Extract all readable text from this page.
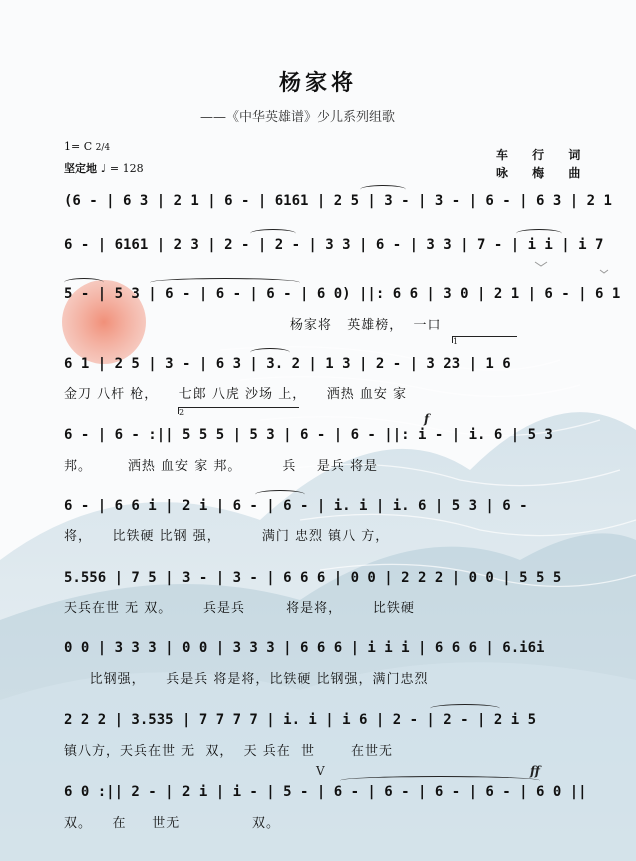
杨家将
——《中华英雄谱》少儿系列组歌
1= C 2/4
坚定地 ♩ = 128
车 行 词
咏 梅 曲
(6 - | 6 3 | 2 1 | 6 - | 6161 | 2 5 | 3 - | 3 - | 6 - | 6 3 | 2 1
6 - | 6161 | 2 3 | 2 - | 2 - | 3 3 | 6 - | 3 3 | 7 - | i i | i 7
5 - | 5 3 | 6 - | 6 - | 6 - | 6 0) ||: 6 6 | 3 0 | 2 1 | 6 - | 6 1
杨家将   英雄榜，  一口
6 1 | 2 5 | 3 - | 6 3 | 3. 2 | 1 3 | 2 - | 3 23 | 1 6
金刀 八杆 枪，    七郎 八虎 沙场 上，    洒热 血安 家
6 - | 6 - :|| 5 5 5 | 5 3 | 6 - | 6 - ||: i - | i. 6 | 5 3
邦。       洒热 血安 家 邦。        兵    是兵 将是
6 - | 6 6 i | 2 i | 6 - | 6 - | i. i | i. 6 | 5 3 | 6 -
将，    比铁硬 比钢 强，        满门 忠烈 镇八 方，
5.556 | 7 5 | 3 - | 3 - | 6 6 6 | 0 0 | 2 2 2 | 0 0 | 5 5 5
天兵在世 无 双。      兵是兵        将是将，      比铁硬
0 0 | 3 3 3 | 0 0 | 3 3 3 | 6 6 6 | i i i | 6 6 6 | 6.i6i
比钢强，    兵是兵 将是将，比铁硬 比钢强，满门忠烈
2 2 2 | 3.535 | 7 7 7 7 | i. i | i 6 | 2 - | 2 - | 2 i 5
镇八方，天兵在世 无  双，  天 兵在  世       在世无
6 0 :|| 2 - | 2 i | i - | 5 - | 6 - | 6 - | 6 - | 6 - | 6 0 ||
双。    在     世无              双。
1
2	f
ff
V
